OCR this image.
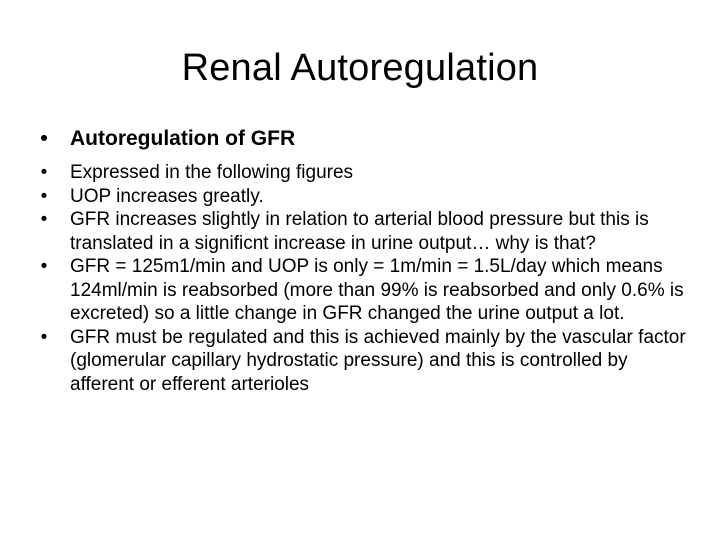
Renal Autoregulation
•	Autoregulation of GFR
•	Expressed in the following figures
•	UOP increases greatly.
•	GFR increases slightly in relation to arterial blood pressure but this is translated in a significnt increase in urine output… why is that?
•	GFR = 125m1/min and UOP is only = 1m/min = 1.5L/day which means 124ml/min is reabsorbed (more than 99% is reabsorbed and only 0.6% is excreted) so a little change in GFR changed the urine output a lot.
•	GFR must be regulated and this is achieved mainly by the vascular factor (glomerular capillary hydrostatic pressure) and this is controlled by afferent or efferent arterioles
